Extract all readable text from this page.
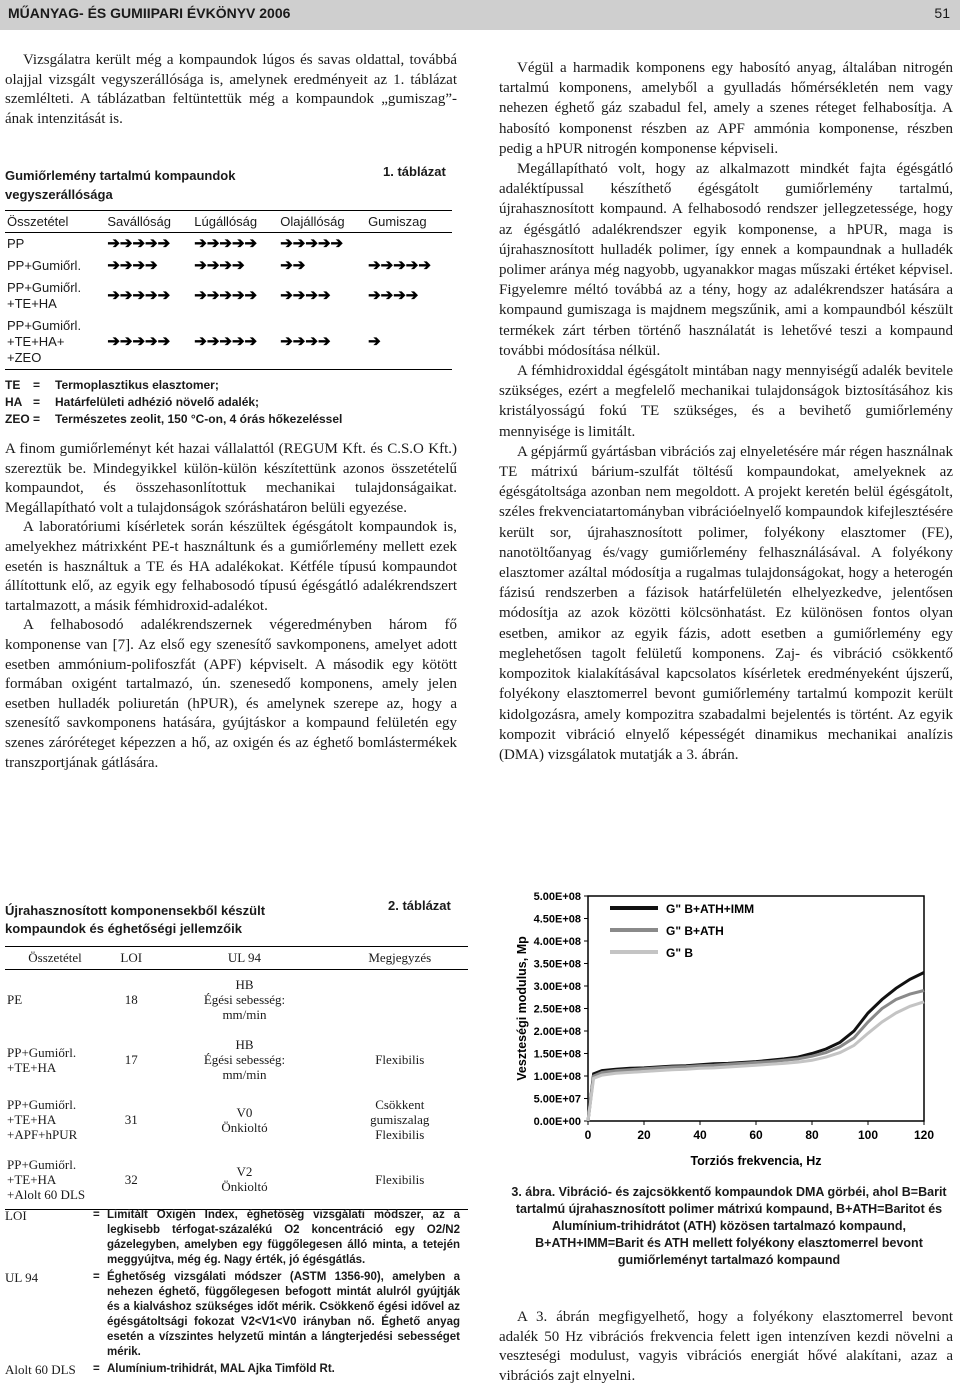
MŰANYAG- ÉS GUMIIPARI ÉVKÖNYV 2006	51

Vizsgálatra került még a kompaundok lúgos és savas oldattal, továbbá olajjal vizsgált vegyszerállósága is, amelynek eredményeit az 1. táblázat szemlélteti. A táblázatban feltüntettük még a kompaundok „gumiszag”-ának intenzitását is.

Gumiőrlemény tartalmú kompaundok vegyszerállósága
1. táblázat
Összetétel	Savállóság	Lúgállóság	Olajállóság	Gumiszag
PP	➔➔➔➔➔	➔➔➔➔➔	➔➔➔➔➔	
PP+Gumiőrl.	➔➔➔➔	➔➔➔➔	➔➔	➔➔➔➔➔
PP+Gumiőrl.
+TE+HA	➔➔➔➔➔	➔➔➔➔➔	➔➔➔➔	➔➔➔➔
PP+Gumiőrl.
+TE+HA+
+ZEO	➔➔➔➔➔	➔➔➔➔➔	➔➔➔➔	➔
TE	=	Termoplasztikus elasztomer;
HA =	Határfelületi adhézió növelő adalék;
ZEO =	Természetes zeolit, 150 °C-on, 4 órás hőkezeléssel

A finom gumiőrleményt két hazai vállalattól (REGUM Kft. és C.S.O Kft.) szereztük be. Mindegyikkel külön-külön készítettünk azonos összetételű kompaundot, és összehasonlítottuk mechanikai tulajdonságaikat. Megállapítható volt a tulajdonságok szóráshatáron belüli egyezése.

A laboratóriumi kísérletek során készültek égésgátolt kompaundok is, amelyekhez mátrixként PE-t használtunk és a gumiőrlemény mellett ezek esetén is használtuk a TE és HA adalékokat. Kétféle típusú kompaundot állítottunk elő, az egyik egy felhabosodó típusú égésgátló adalékrendszert tartalmazott, a másik fémhidroxid-adalékot.

A felhabosodó adalékrendszernek végeredményben három fő komponense van [7]. Az első egy szenesítő savkomponens, amelyet adott esetben ammónium-polifoszfát (APF) képviselt. A második egy kötött formában oxigént tartalmazó, ún. szenesedő komponens, amely jelen esetben hulladék poliuretán (hPUR), és amelynek szerepe az, hogy a szenesítő savkomponens hatására, gyújtáskor a kompaund felületén egy szenes záróréteget képezzen a hő, az oxigén és az éghető bomlástermékek transzportjának gátlására.

Végül a harmadik komponens egy habosító anyag, általában nitrogén tartalmú komponens, amelyből a gyulladás hőmérsékletén nem vagy nehezen éghető gáz szabadul fel, amely a szenes réteget felhabosítja. A habosító komponenst részben az APF ammónia komponense, részben pedig a hPUR nitrogén komponense képviseli.

Megállapítható volt, hogy az alkalmazott mindkét fajta égésgátló adaléktípussal készíthető égésgátolt gumiőrlemény tartalmú, újrahasznosított kompaund. A felhabosodó rendszer jellegzetessége, hogy az égésgátló adalékrendszer egyik komponense, a hPUR, maga is újrahasznosított hulladék polimer, így ennek a kompaundnak a hulladék polimer aránya még nagyobb, ugyanakkor magas műszaki értéket képvisel. Figyelemre méltó továbbá az a tény, hogy az adalékrendszer hatására a kompaund gumiszaga is majdnem megszűnik, ami a kompaundból készült termékek zárt térben történő használatát is lehetővé teszi a kompaund további módosítása nélkül.

A fémhidroxiddal égésgátolt mintában nagy mennyiségű adalék bevitele szükséges, ezért a megfelelő mechanikai tulajdonságok biztosításához kis kristályosságú fokú TE szükséges, és a bevihető gumiőrlemény mennyisége is limitált.

A gépjármű gyártásban vibrációs zaj elnyeletésére már régen használnak TE mátrixú bárium-szulfát töltésű kompaundokat, amelyeknek az égésgátoltsága azonban nem megoldott. A projekt keretén belül égésgátolt, széles frekvenciatartományban vibrációelnyelő kompaundok kifejlesztésére került sor, újrahasznosított polimer, folyékony elasztomer (FE), nanotöltőanyag és/vagy gumiőrlemény felhasználásával. A folyékony elasztomer azáltal módosítja a rugalmas tulajdonságokat, hogy a heterogén fázisú rendszerben a fázisok határfelületén elhelyezkedve, jelentősen módosítja az azok közötti kölcsönhatást. Ez különösen fontos olyan esetben, amikor az egyik fázis, adott esetben a gumiőrlemény egy meglehetősen tagolt felületű komponens. Zaj- és vibráció csökkentő kompozitok kialakításával kapcsolatos kísérletek eredményeként újszerű, folyékony elasztomerrel bevont gumiőrlemény tartalmú kompozit került kidolgozásra, amely kompozitra szabadalmi bejelentés is történt. Az egyik kompozit vibráció elnyelő képességét dinamikus mechanikai analízis (DMA) vizsgálatok mutatják a 3. ábrán.

Újrahasznosított komponensekből készült kompaundok és éghetőségi jellemzőik
2. táblázat
Összetétel	LOI	UL 94	Megjegyzés
PE	18	HB
Égési sebesség:
mm/min	
PP+Gumiőrl.
+TE+HA	17	HB
Égési sebesség:
mm/min	Flexibilis
PP+Gumiőrl.
+TE+HA
+APF+hPUR	31	V0
Önkioltó	Csökkent
gumiszalag
Flexibilis
PP+Gumiőrl.
+TE+HA
+Alolt 60 DLS	32	V2
Önkioltó	Flexibilis
LOI	= Limitált Oxigén Index, éghetőség vizsgálati módszer, az a legkisebb térfogat-százalékú O2 koncentráció egy O2/N2 gázelegyben, amelyben egy függőlegesen álló minta, a tetején meggyújtva, még ég. Nagy érték, jó égésgátlás.
UL 94	= Éghetőség vizsgálati módszer (ASTM 1356-90), amelyben a nehezen éghető, függőlegesen befogott mintát alulról gyújtják és a kialváshoz szükséges időt mérik. Csökkenő égési idővel az égésgátoltsági fokozat V2<V1<V0 irányban nő. Éghető anyag esetén a vízszintes helyzetű mintán a lángterjedési sebességet mérik.
Alolt 60 DLS	= Alumínium-trihidrát, MAL Ajka Timföld Rt.
0.00E+00
5.00E+07
1.00E+08
1.50E+08
2.00E+08
2.50E+08
3.00E+08
3.50E+08
4.00E+08
4.50E+08
5.00E+08
0	20	40	60	80	100	120
Torziós frekvencia, Hz
Veszteségi modulus, Mp
G" B+ATH+IMM
G" B+ATH
G" B
3. ábra. Vibráció- és zajcsökkentő kompaundok DMA görbéi, ahol B=Barit tartalmú újrahasznosított polimer mátrixú kompaund, B+ATH=Baritot és Alumínium-trihidrátot (ATH) közösen tartalmazó kompaund, B+ATH+IMM=Barit és ATH mellett folyékony elasztomerrel bevont gumiőrleményt tartalmazó kompaund

A 3. ábrán megfigyelhető, hogy a folyékony elasztomerrel bevont adalék 50 Hz vibrációs frekvencia felett igen intenzíven kezdi növelni a veszteségi modulust, vagyis vibrációs energiát hővé alakítani, azaz a vibrációs zajt elnyelni.
